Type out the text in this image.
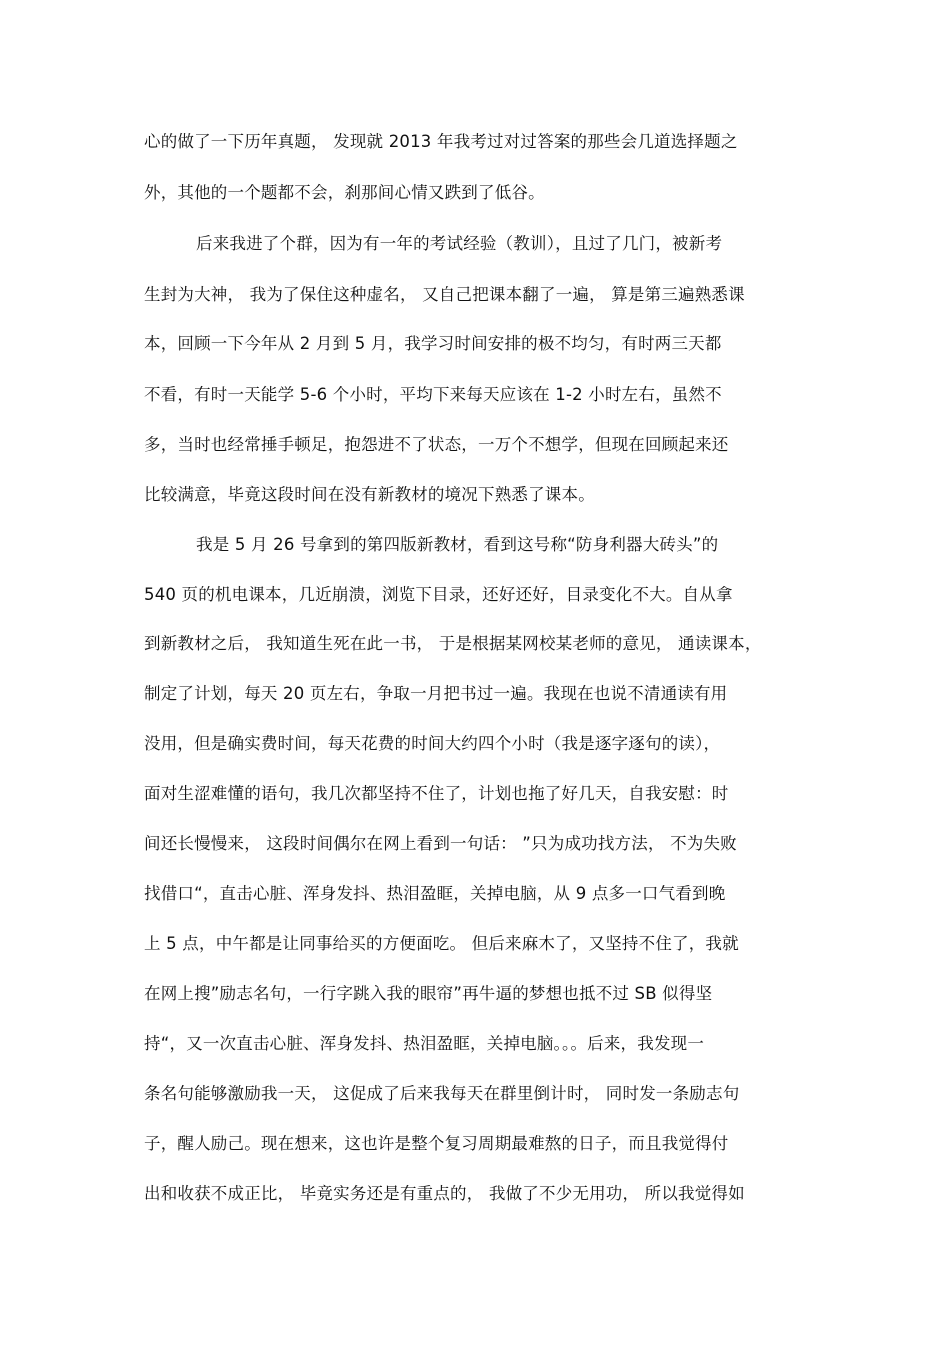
心的做了一下历年真题， 发现就 2013 年我考过对过答案的那些会几道选择题之
外，其他的一个题都不会，刹那间心情又跌到了低谷。
后来我进了个群，因为有一年的考试经验（教训），且过了几门，被新考
生封为大神， 我为了保住这种虚名， 又自己把课本翻了一遍， 算是第三遍熟悉课
本，回顾一下今年从 2 月到 5 月，我学习时间安排的极不均匀，有时两三天都
不看，有时一天能学 5-6 个小时，平均下来每天应该在 1-2 小时左右，虽然不
多，当时也经常捶手顿足，抱怨进不了状态，一万个不想学，但现在回顾起来还
比较满意，毕竟这段时间在没有新教材的境况下熟悉了课本。
我是 5 月 26 号拿到的第四版新教材，看到这号称“防身利器大砖头”的
540 页的机电课本，几近崩溃，浏览下目录，还好还好，目录变化不大。自从拿
到新教材之后， 我知道生死在此一书， 于是根据某网校某老师的意见， 通读课本，
制定了计划，每天 20 页左右，争取一月把书过一遍。我现在也说不清通读有用
没用，但是确实费时间，每天花费的时间大约四个小时（我是逐字逐句的读），
面对生涩难懂的语句，我几次都坚持不住了，计划也拖了好几天，自我安慰：时
间还长慢慢来， 这段时间偶尔在网上看到一句话： ”只为成功找方法， 不为失败
找借口“，直击心脏、浑身发抖、热泪盈眶，关掉电脑，从 9 点多一口气看到晚
上 5 点，中午都是让同事给买的方便面吃。 但后来麻木了，又坚持不住了，我就
在网上搜”励志名句，一行字跳入我的眼帘”再牛逼的梦想也抵不过 SB 似得坚
持“，又一次直击心脏、浑身发抖、热泪盈眶，关掉电脑。。。后来，我发现一
条名句能够激励我一天， 这促成了后来我每天在群里倒计时， 同时发一条励志句
子，醒人励己。现在想来，这也许是整个复习周期最难熬的日子，而且我觉得付
出和收获不成正比， 毕竟实务还是有重点的， 我做了不少无用功， 所以我觉得如
